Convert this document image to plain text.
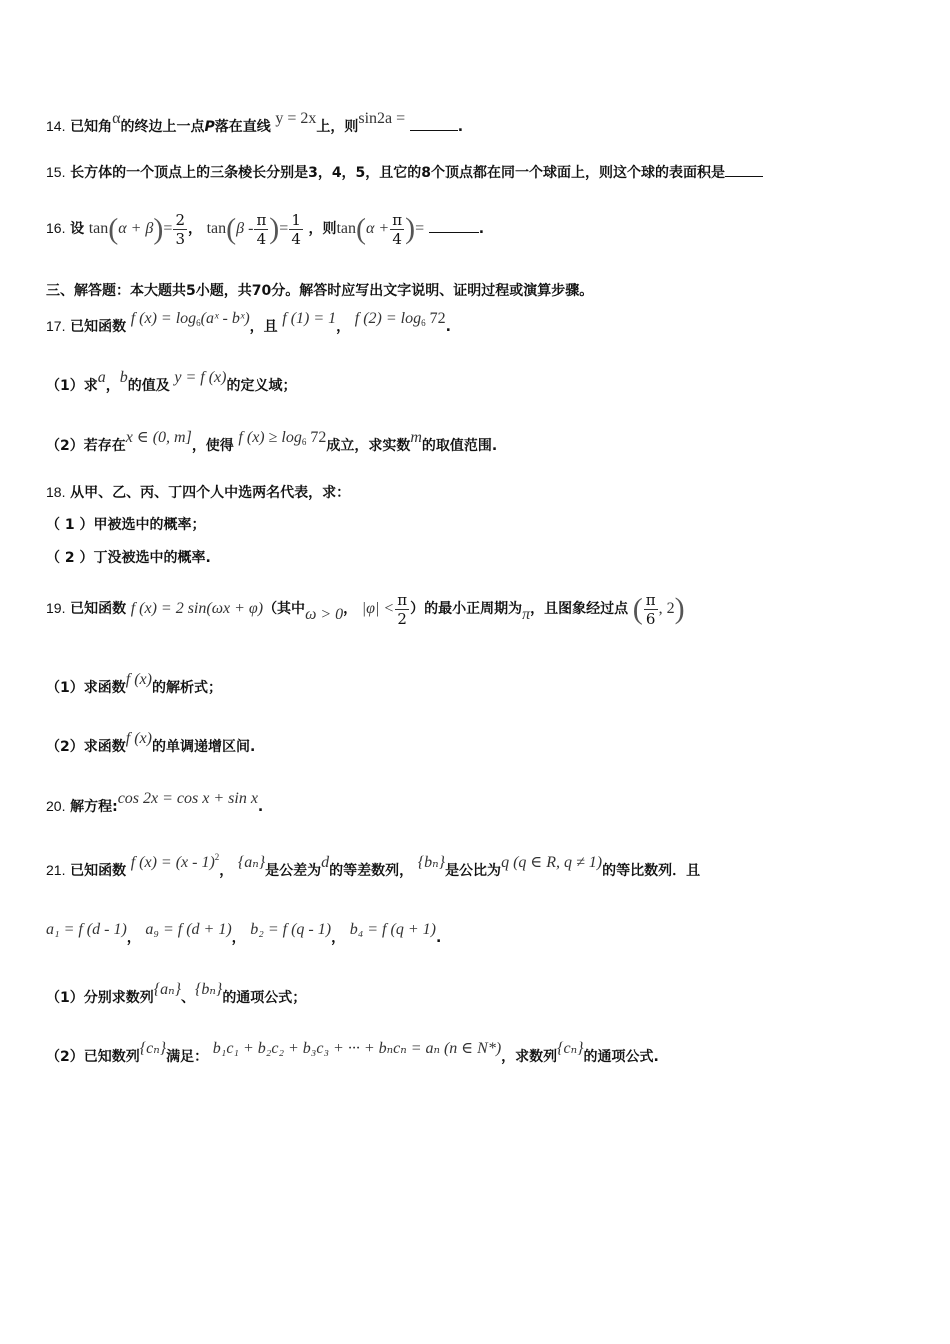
14. 已知角α的终边上一点P落在直线 y = 2x上，则sin2a =	.
15. 长方体的一个顶点上的三条棱长分别是3，4，5，且它的8个顶点都在同一个球面上，则这个球的表面积是
16. 设 $\tan(\alpha + \beta)= \frac{2}{3}$ ， $\tan(\beta - \frac{\pi}{4}$ )= $\frac{1}{4}$ ，则$\tan(\alpha + \frac{\pi}{4}$ )=	.
三、解答题：本大题共5小题，共70分。解答时应写出文字说明、证明过程或演算步骤。
17. 已知函数 f $(x) = \log_6(aˣ$ - bˣ)，且 f (1) = 1， f $(2) = \log_6 72$.
（1）求a，b的值及 y = f (x)的定义域；
（2）若存在x ∈ (0, m]，使得 f $(x) \ge \log_6 72$成立，求实数m的取值范围.
18. 从甲、乙、丙、丁四个人中选两名代表，求：
（ 1 ）甲被选中的概率；
（ 2 ）丁没被选中的概率.
19. 已知函数 f (x) = 2 sin(ωx + φ)（其中ω > 0， $|\varphi| < \frac{\pi}{2}$ ）的最小正周期为π，且图象经过点 ( $\frac{\pi}{6}$ , 2)
（1）求函数f (x)的解析式；
（2）求函数f (x)的单调递增区间.
20. 解方程:cos 2x = cos x + sin x.
21. 已知函数 f (x) = (x - 1)$^2$， {aₙ}是公差为d的等差数列， {bₙ}是公比为q (q ∈ R, q ≠ 1)的等比数列．且
a₁ = f (d - 1)， a₉ = f (d + 1)， b₂ = f (q - 1)， b₄ = f (q + 1).
（1）分别求数列{aₙ}、{bₙ}的通项公式；
（2）已知数列{cₙ}满足： b₁c₁ + b₂c₂ + b₃c₃ + ··· + bₙcₙ = aₙ (n ∈ N*)，求数列{cₙ}的通项公式.
